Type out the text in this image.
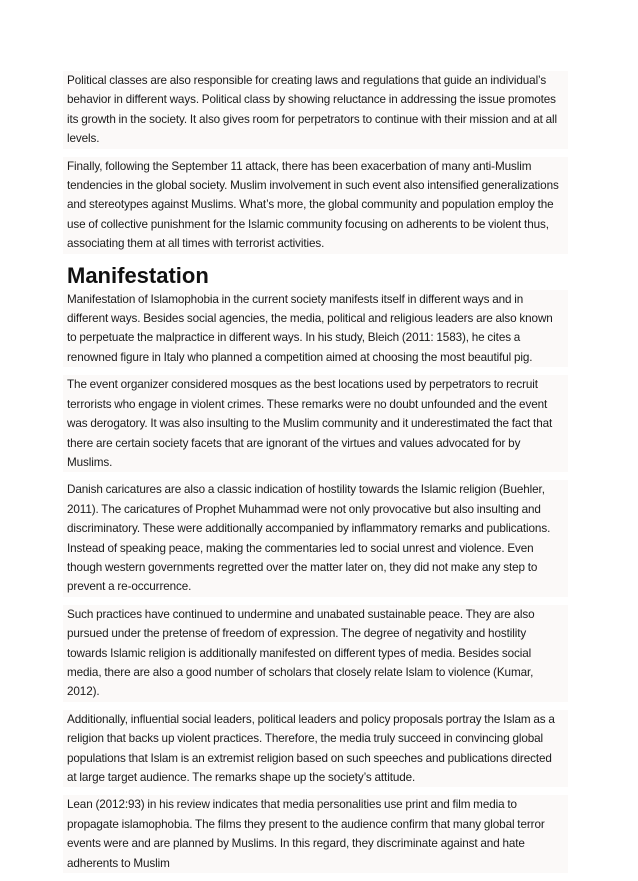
Political classes are also responsible for creating laws and regulations that guide an individual’s behavior in different ways. Political class by showing reluctance in addressing the issue promotes its growth in the society. It also gives room for perpetrators to continue with their mission and at all levels.

Finally, following the September 11 attack, there has been exacerbation of many anti-Muslim tendencies in the global society. Muslim involvement in such event also intensified generalizations and stereotypes against Muslims. What’s more, the global community and population employ the use of collective punishment for the Islamic community focusing on adherents to be violent thus, associating them at all times with terrorist activities.

Manifestation

Manifestation of Islamophobia in the current society manifests itself in different ways and in different ways. Besides social agencies, the media, political and religious leaders are also known to perpetuate the malpractice in different ways. In his study, Bleich (2011: 1583), he cites a renowned figure in Italy who planned a competition aimed at choosing the most beautiful pig.

The event organizer considered mosques as the best locations used by perpetrators to recruit terrorists who engage in violent crimes. These remarks were no doubt unfounded and the event was derogatory. It was also insulting to the Muslim community and it underestimated the fact that there are certain society facets that are ignorant of the virtues and values advocated for by Muslims.

Danish caricatures are also a classic indication of hostility towards the Islamic religion (Buehler, 2011). The caricatures of Prophet Muhammad were not only provocative but also insulting and discriminatory. These were additionally accompanied by inflammatory remarks and publications. Instead of speaking peace, making the commentaries led to social unrest and violence. Even though western governments regretted over the matter later on, they did not make any step to prevent a re-occurrence.

Such practices have continued to undermine and unabated sustainable peace. They are also pursued under the pretense of freedom of expression. The degree of negativity and hostility towards Islamic religion is additionally manifested on different types of media. Besides social media, there are also a good number of scholars that closely relate Islam to violence (Kumar, 2012).

Additionally, influential social leaders, political leaders and policy proposals portray the Islam as a religion that backs up violent practices. Therefore, the media truly succeed in convincing global populations that Islam is an extremist religion based on such speeches and publications directed at large target audience. The remarks shape up the society’s attitude.

Lean (2012:93) in his review indicates that media personalities use print and film media to propagate islamophobia. The films they present to the audience confirm that many global terror events were and are planned by Muslims. In this regard, they discriminate against and hate adherents to Muslim
